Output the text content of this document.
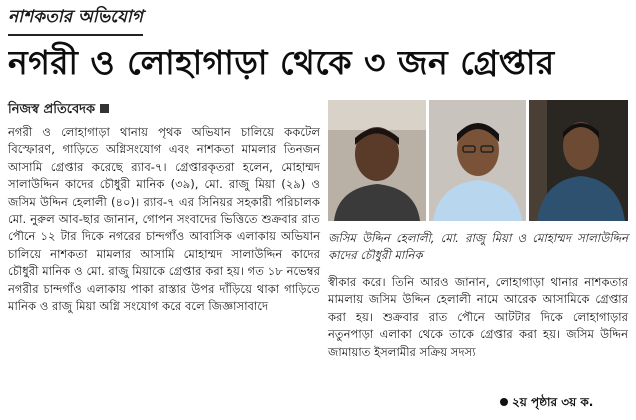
নাশকতার অভিযোগ
নগরী ও লোহাগাড়া থেকে ৩ জন গ্রেপ্তার
নিজস্ব প্রতিবেদক
নগরী ও লোহাগাড়া থানায় পৃথক অভিযান চালিয়ে ককটেল বিস্ফোরণ, গাড়িতে অগ্নিসংযোগ এবং নাশকতা মামলার তিনজন আসামি গ্রেপ্তার করেছে র‍্যাব-৭। গ্রেপ্তারকৃতরা হলেন, মোহাম্মদ সালাউদ্দিন কাদের চৌধুরী মানিক (৩৯), মো. রাজু মিয়া (২৯) ও জসিম উদ্দিন হেলালী (৪০)। র‍্যাব-৭ এর সিনিয়র সহকারী পরিচালক মো. নুরুল আব-ছার জানান, গোপন সংবাদের ভিত্তিতে শুক্রবার রাত পৌনে ১২ টার দিকে নগরের চান্দগাঁও আবাসিক এলাকায় অভিযান চালিয়ে নাশকতা মামলার আসামি মোহাম্মদ সালাউদ্দিন কাদের চৌধুরী মানিক ও মো. রাজু মিয়াকে গ্রেপ্তার করা হয়। গত ১৮ নভেম্বর নগরীর চান্দগাঁও এলাকায় পাকা রাস্তার উপর দাঁড়িয়ে থাকা গাড়িতে মানিক ও রাজু মিয়া অগ্নি সংযোগ করে বলে জিজ্ঞাসাবাদে
জসিম উদ্দিন হেলালী, মো. রাজু মিয়া ও মোহাম্মদ সালাউদ্দিন কাদের চৌধুরী মানিক
স্বীকার করে। তিনি আরও জানান, লোহাগাড়া থানার নাশকতার মামলায় জসিম উদ্দিন হেলালী নামে আরেক আসামিকে গ্রেপ্তার করা হয়। শুক্রবার রাত পৌনে আটটার দিকে লোহাগাড়ার নতুনপাড়া এলাকা থেকে তাকে গ্রেপ্তার করা হয়। জসিম উদ্দিন জামায়াত ইসলামীর সক্রিয় সদস্য
২য় পৃষ্ঠার ৩য় ক.
